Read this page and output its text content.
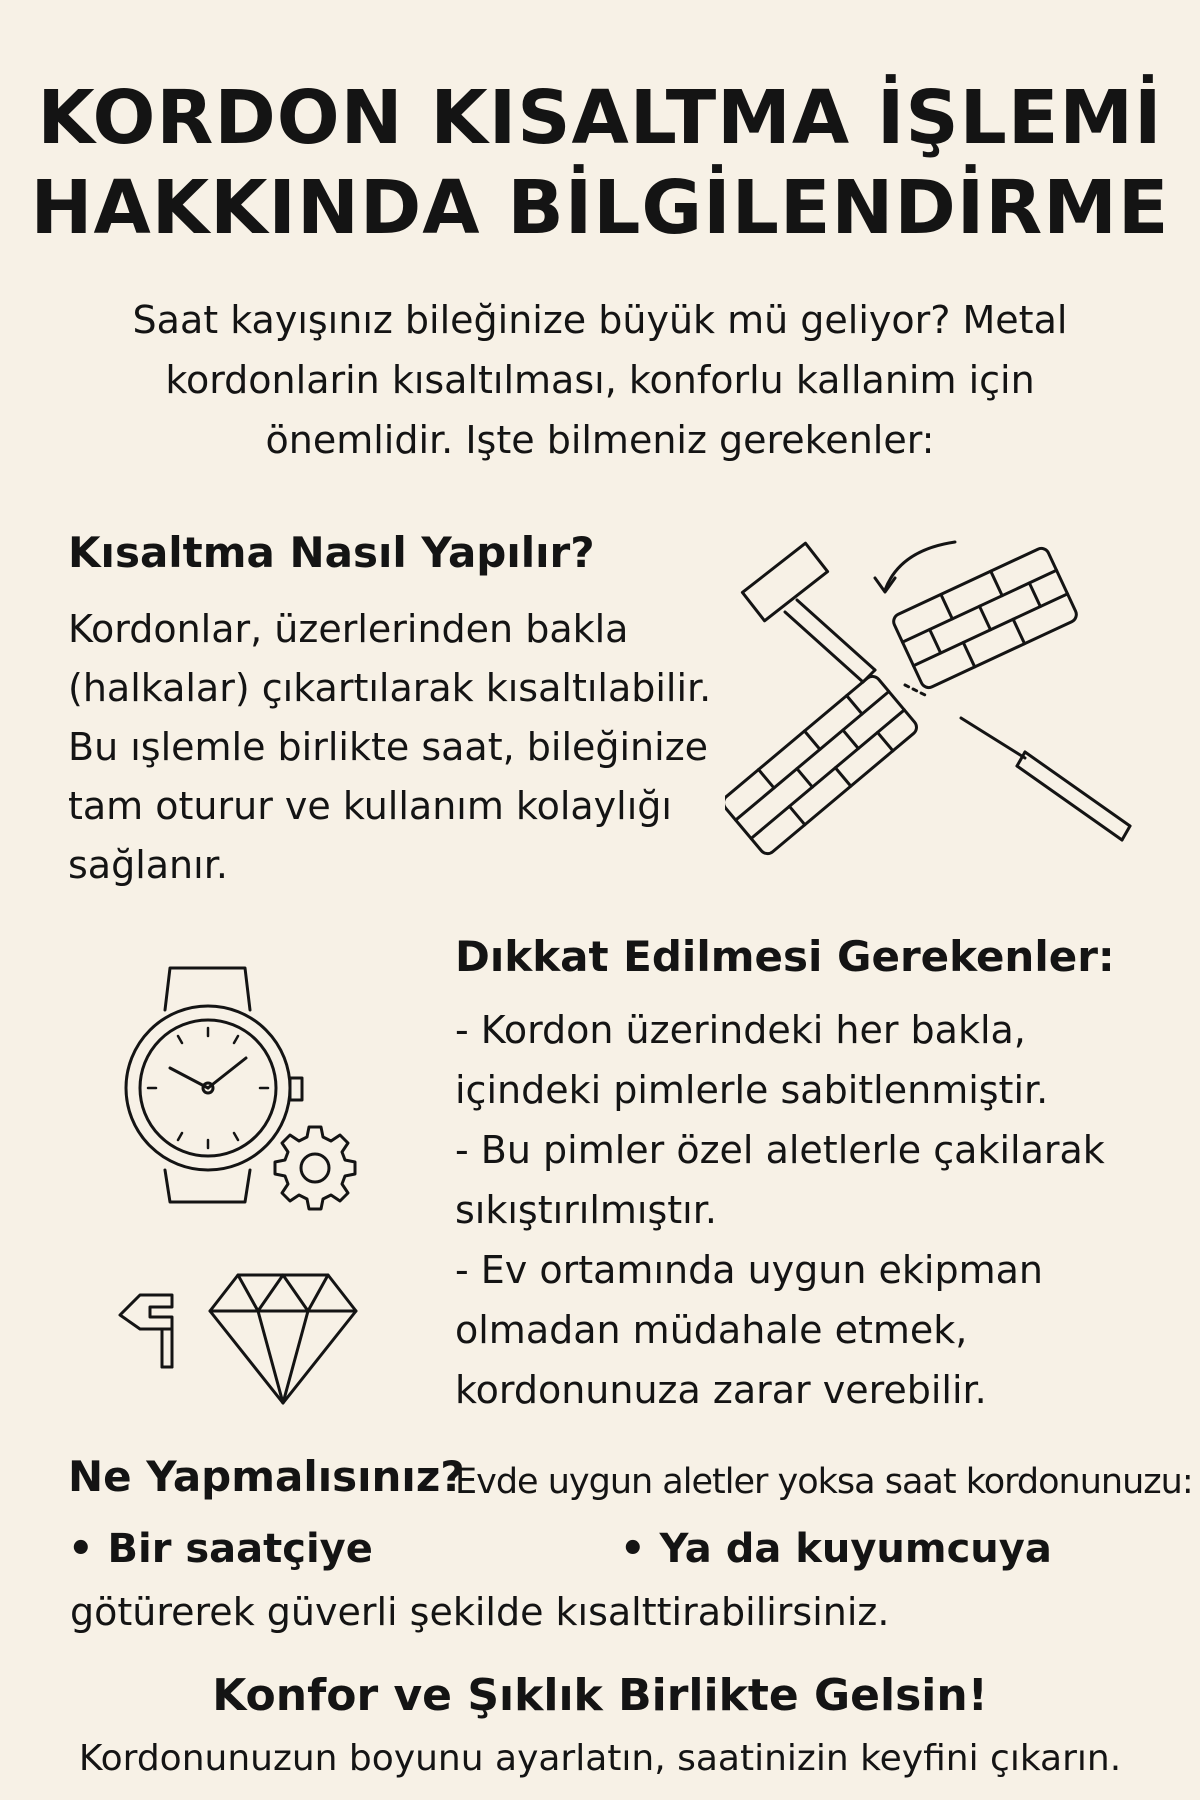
KORDON KISALTMA İŞLEMİ
HAKKINDA BİLGİLENDİRME

Saat kayışınız bileğinize büyük mü geliyor? Metal kordonlarin kısaltılması, konforlu kallanim için önemlidir. Işte bilmeniz gerekenler:

Kısaltma Nasıl Yapılır?

Kordonlar, üzerlerinden bakla (halkalar) çıkartılarak kısaltılabilir. Bu ışlemle birlikte saat, bileğinize tam oturur ve kullanım kolaylığı sağlanır.

Dıkkat Edilmesi Gerekenler:
- Kordon üzerindeki her bakla, içindeki pimlerle sabitlenmiştir.
- Bu pimler özel aletlerle çakilarak sıkıştırılmıştır.
- Ev ortamında uygun ekipman olmadan müdahale etmek, kordonunuza zarar verebilir.
Ne Yapmalısınız?

Evde uygun aletler yoksa saat kordonunuzu:

• Bir saatçiye	• Ya da kuyumcuya

götürerek güverli şekilde kısalttirabilirsiniz.

Konfor ve Şıklık Birlikte Gelsin!

Kordonunuzun boyunu ayarlatın, saatinizin keyfini çıkarın.
